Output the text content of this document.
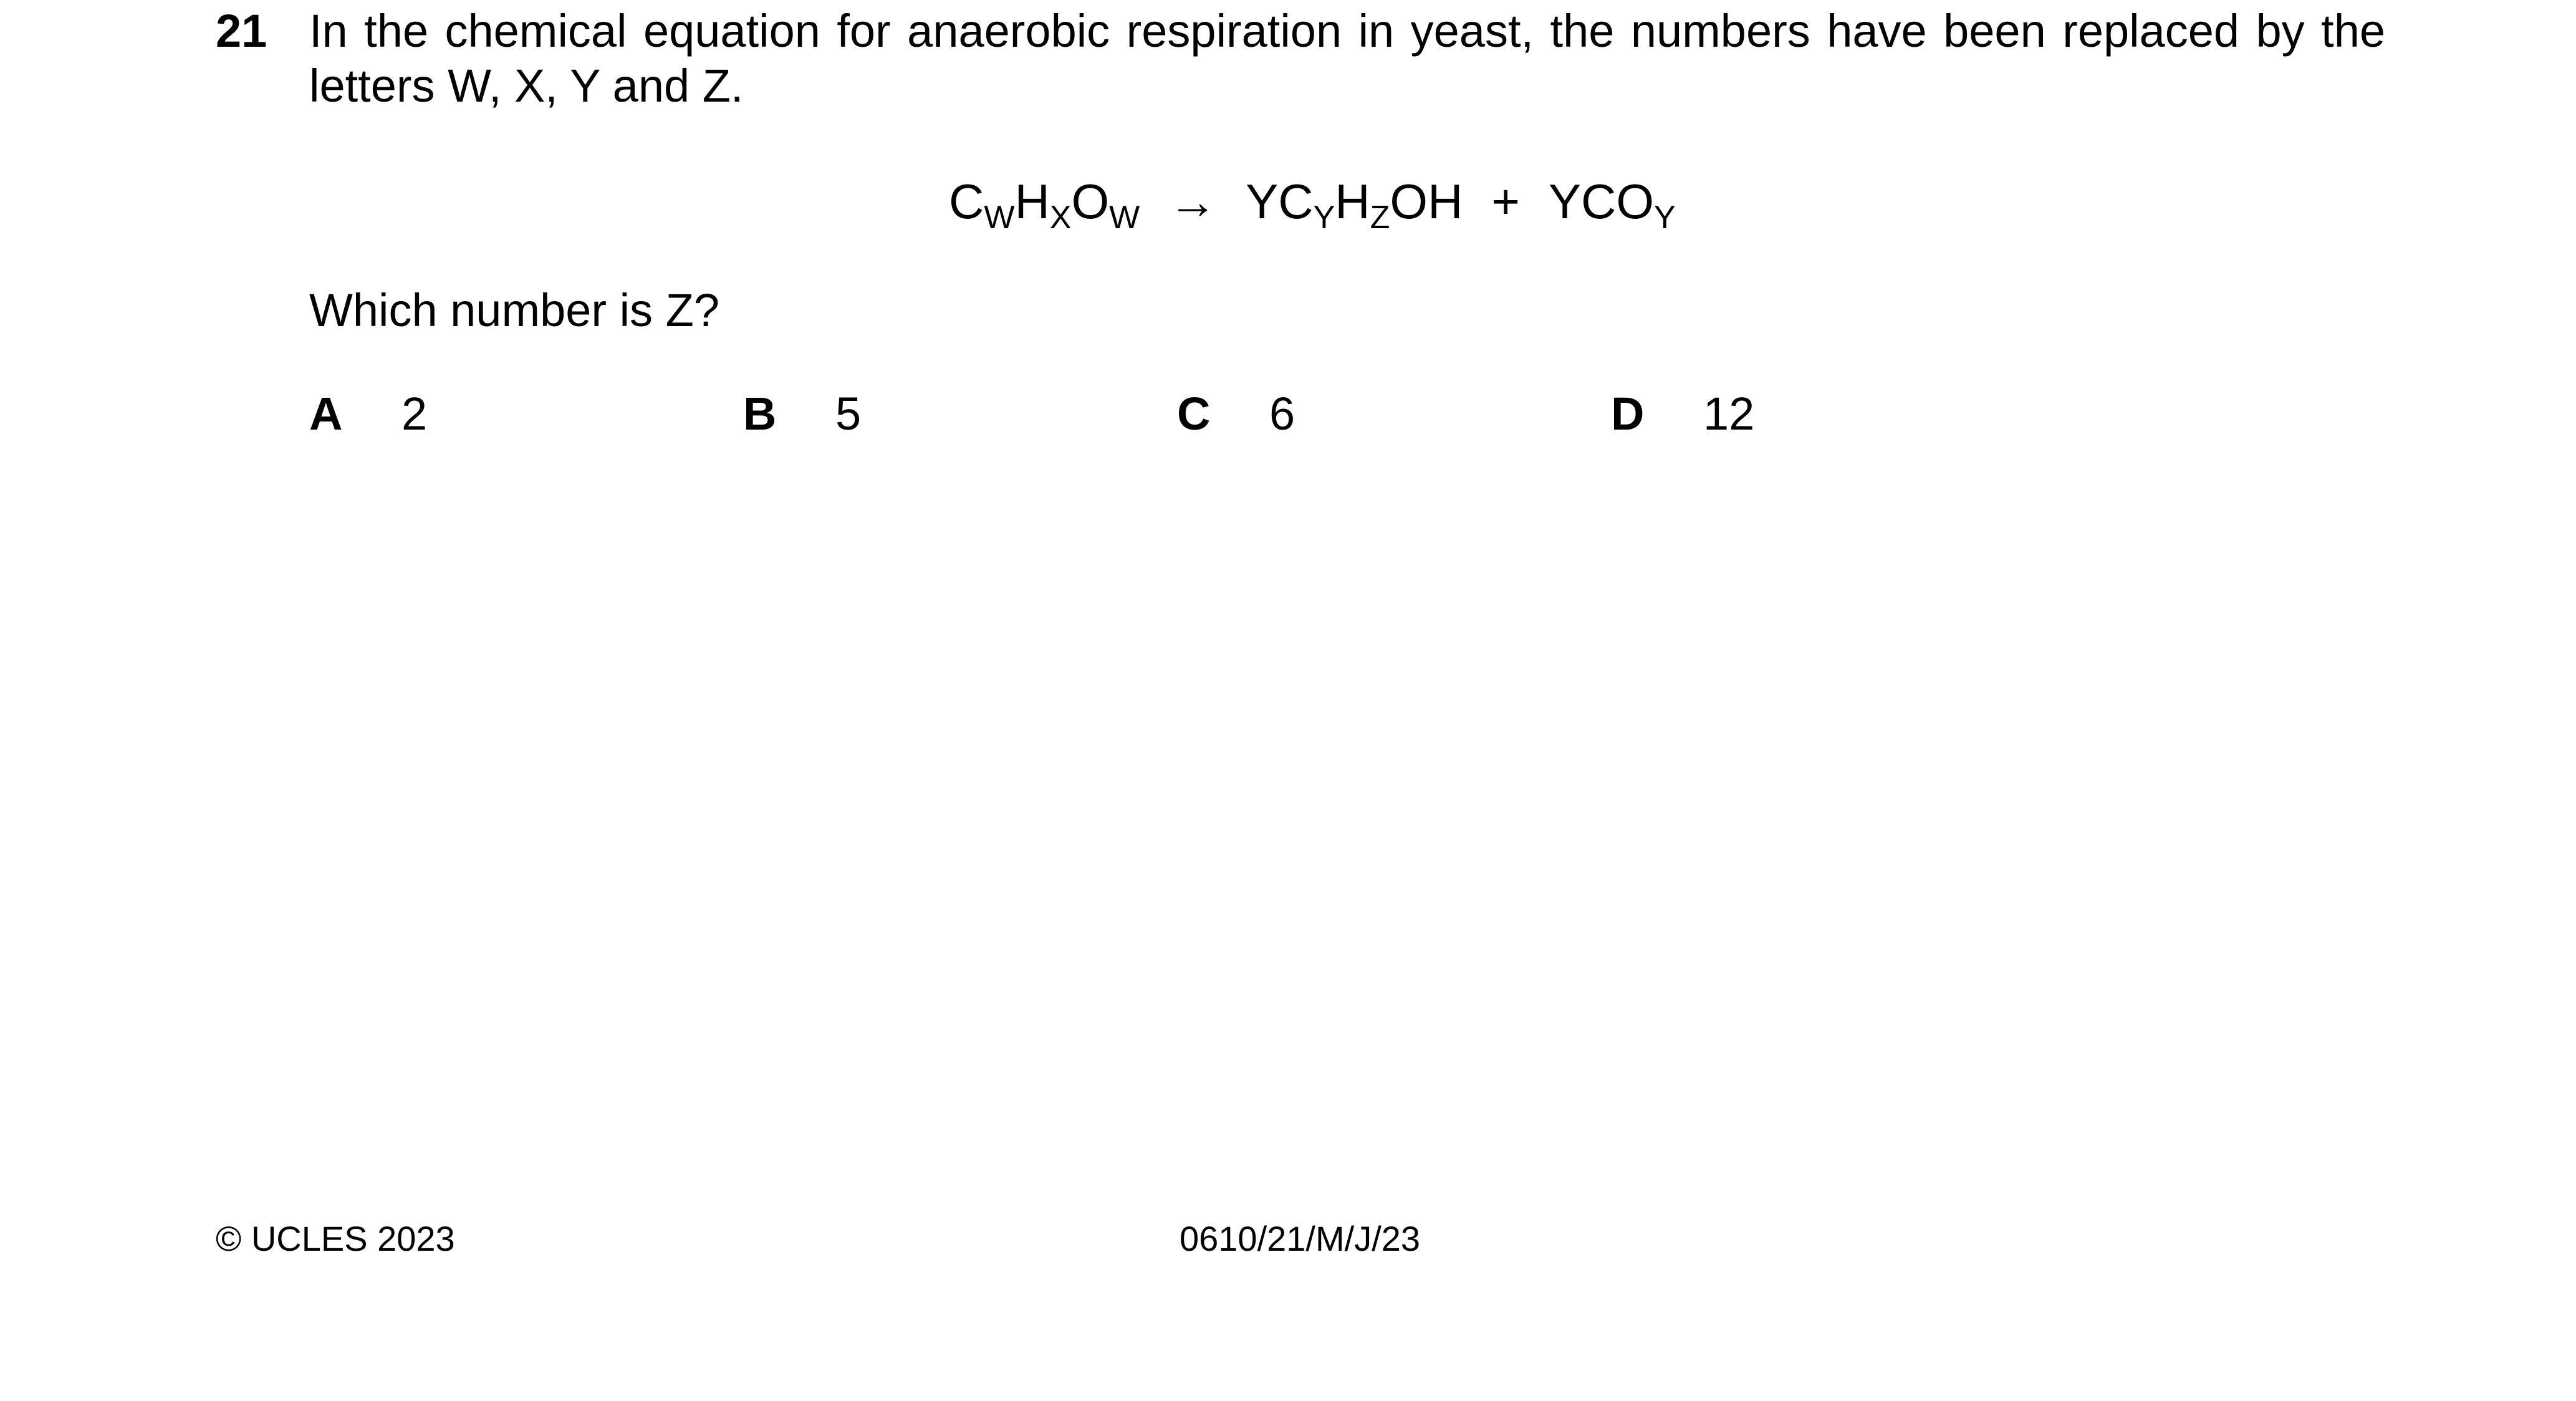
21 In the chemical equation for anaerobic respiration in yeast, the numbers have been replaced by the letters W, X, Y and Z.
$C_WH_XO_W \to YC_YH_ZOH + YCO_Y$
Which number is Z?
A 2	B 5	C 6	D 12
© UCLES 2023	0610/21/M/J/23
